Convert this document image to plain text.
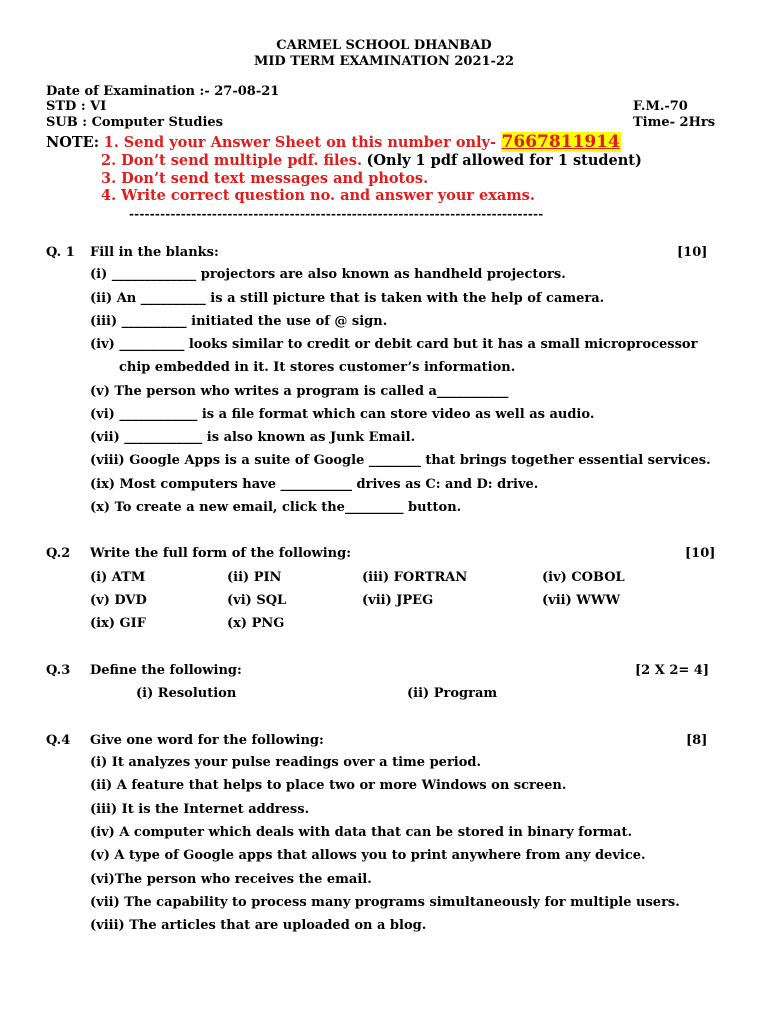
CARMEL SCHOOL DHANBAD
MID TERM EXAMINATION 2021-22
Date of Examination :- 27-08-21
STD : VI	F.M.-70
SUB : Computer Studies	Time- 2Hrs
NOTE: 1. Send your Answer Sheet on this number only- 7667811914
2. Don’t send multiple pdf. files. (Only 1 pdf allowed for 1 student)
3. Don’t send text messages and photos.
4. Write correct question no. and answer your exams.
--------------------------------------------------------------------------------
Q. 1 Fill in the blanks:	[10]
(i) _____________ projectors are also known as handheld projectors.
(ii) An __________ is a still picture that is taken with the help of camera.
(iii) __________ initiated the use of @ sign.
(iv) __________ looks similar to credit or debit card but it has a small microprocessor
chip embedded in it. It stores customer’s information.
(v) The person who writes a program is called a___________
(vi) ____________ is a file format which can store video as well as audio.
(vii) ____________ is also known as Junk Email.
(viii) Google Apps is a suite of Google ________ that brings together essential services.
(ix) Most computers have ___________ drives as C: and D: drive.
(x) To create a new email, click the_________ button.
Q.2 Write the full form of the following:	[10]
(i) ATM	(ii) PIN	(iii) FORTRAN	(iv) COBOL
(v) DVD	(vi) SQL	(vii) JPEG	(vii) WWW
(ix) GIF	(x) PNG
Q.3 Define the following:	[2 X 2= 4]
(i) Resolution	(ii) Program
Q.4 Give one word for the following:	[8]
(i) It analyzes your pulse readings over a time period.
(ii) A feature that helps to place two or more Windows on screen.
(iii) It is the Internet address.
(iv) A computer which deals with data that can be stored in binary format.
(v) A type of Google apps that allows you to print anywhere from any device.
(vi)The person who receives the email.
(vii) The capability to process many programs simultaneously for multiple users.
(viii) The articles that are uploaded on a blog.
